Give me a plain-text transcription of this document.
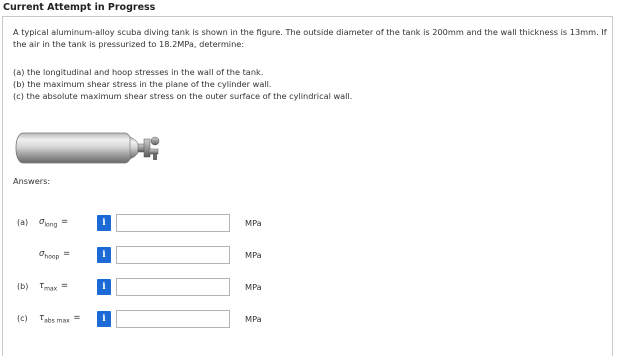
Current Attempt in Progress
A typical aluminum-alloy scuba diving tank is shown in the figure. The outside diameter of the tank is 200mm and the wall thickness is 13mm. If the air in the tank is pressurized to 18.2MPa, determine:
(a) the longitudinal and hoop stresses in the wall of the tank.
(b) the maximum shear stress in the plane of the cylinder wall.
(c) the absolute maximum shear stress on the outer surface of the cylindrical wall.
Answers:
(a) $\sigma_{long}$ =	i	MPa
$\sigma_{hoop}$ =	i	MPa
(b) $\tau_{max}$ =	i	MPa
(c) $\tau_{abs max}$ =	i	MPa
